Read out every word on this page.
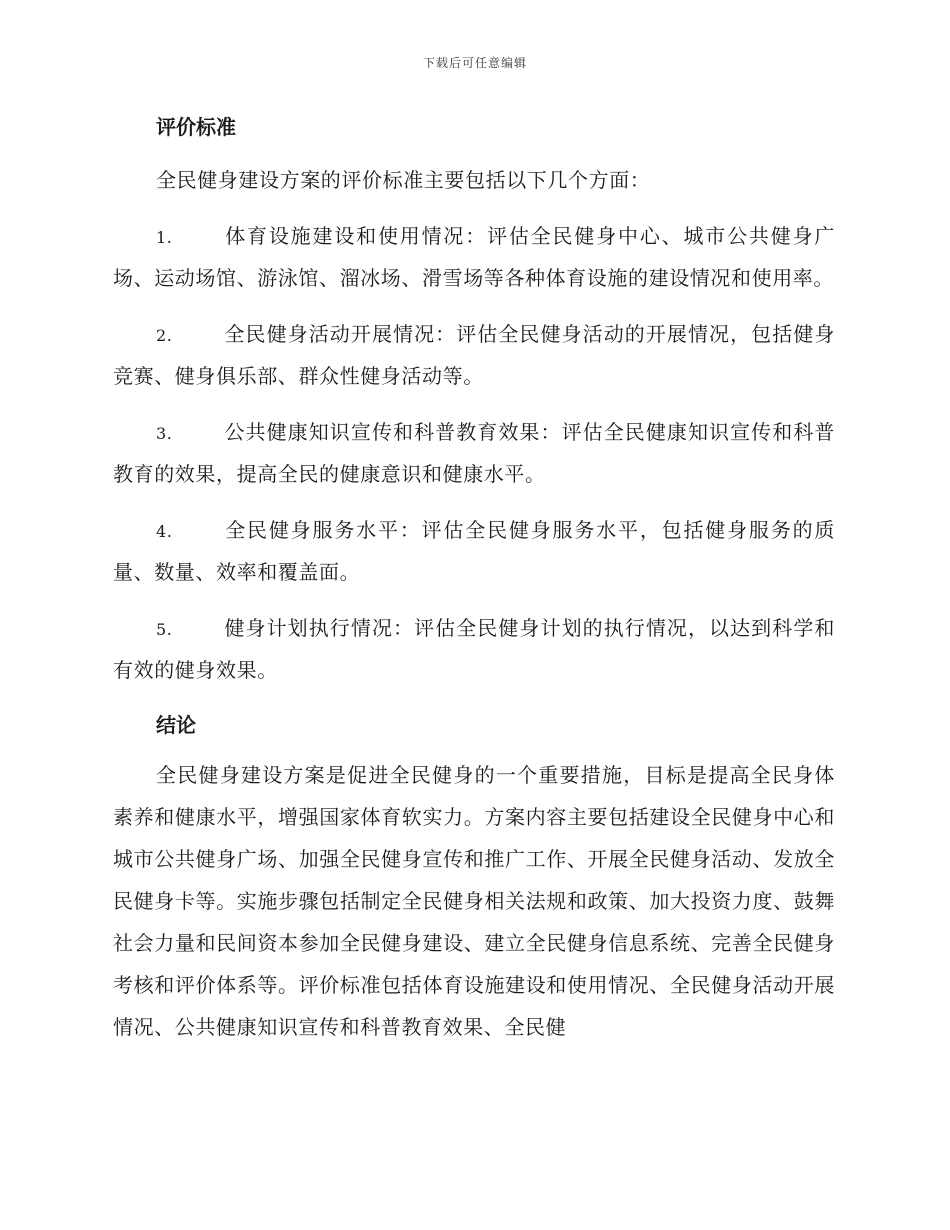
下载后可任意编辑
评价标准

全民健身建设方案的评价标准主要包括以下几个方面：

1.	体育设施建设和使用情况：评估全民健身中心、城市公共健身广场、运动场馆、游泳馆、溜冰场、滑雪场等各种体育设施的建设情况和使用率。

2.	全民健身活动开展情况：评估全民健身活动的开展情况，包括健身竞赛、健身俱乐部、群众性健身活动等。

3.	公共健康知识宣传和科普教育效果：评估全民健康知识宣传和科普教育的效果，提高全民的健康意识和健康水平。

4.	全民健身服务水平：评估全民健身服务水平，包括健身服务的质量、数量、效率和覆盖面。

5.	健身计划执行情况：评估全民健身计划的执行情况，以达到科学和有效的健身效果。

结论

全民健身建设方案是促进全民健身的一个重要措施，目标是提高全民身体素养和健康水平，增强国家体育软实力。方案内容主要包括建设全民健身中心和城市公共健身广场、加强全民健身宣传和推广工作、开展全民健身活动、发放全民健身卡等。实施步骤包括制定全民健身相关法规和政策、加大投资力度、鼓舞社会力量和民间资本参加全民健身建设、建立全民健身信息系统、完善全民健身考核和评价体系等。评价标准包括体育设施建设和使用情况、全民健身活动开展情况、公共健康知识宣传和科普教育效果、全民健
